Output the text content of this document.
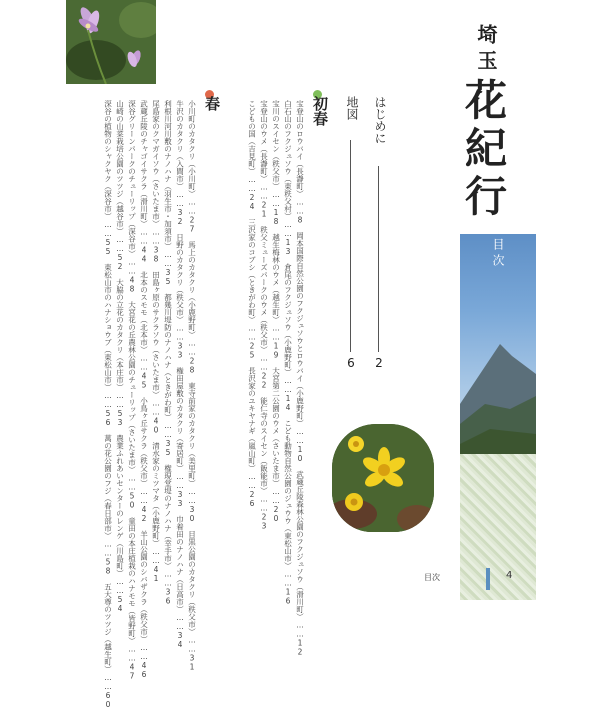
埼玉
花紀行
目次
はじめに
2
地図
6
初春
宝登山のロウバイ（長瀞町）……8　岡本国際自然公園のフクジュソウとロウバイ（小鹿野町）……10　武蔵丘陵森林公園のフクジュソウ（滑川町）……12
白石山のフクジュソウ（東秩父村）……13　倉尾のフクジュソウ（小鹿野町）……14　こども動物自然公園のジュウウ（東松山市）……16
宝川のスイセン（秩父市）……18　越生梅林のウメ（越生町）……19　大宮第二公園のウメ（さいたま市）……20
宝登山のウメ（長瀞町）……21　秩父ミューズパークのウメ（秩父市）……22　能仁寺のスイセン（飯能市）……23
こどもの国（吉見町）……24　三沢家のコブシ（ときがわ町）……25　長沢家のユキヤナギ（嵐山町）……26
春
小川町のカタクリ（小川町）……27　馬上のカタクリ（小鹿野町）……28　東寺前家のカタクリ（美里町）……30　目黒公園のカタクリ（秩父市）……31
牛沢のカタクリ（入間市）……32　日野のカタクリ（秩父市）……33　権田屋敷のカタクリ（寄居町）……33　巾着田のナノハナ（日高市）……34
利根川河川敷のナノハナ（羽生市・加須市）……35　都幾川堤防のナノハナ（ときがわ町）……35　権現堂堤のナノハナ（幸手市）……36
尾島家のクマガイソウ（さいたま市）……38　田島ヶ原のサクラソウ（さいたま市）……40　清水家のミツマタ（小鹿野町）……41
武蔵丘陵のチャゴイサクラ（滑川町）……44　北本のスモモ（北本市）……45　小鳥ヶ丘サクラ（秩父市）……42　羊山公園のシバザクラ（秩父市）……46
深谷グリーンパークのチューリップ（深谷市）……48　大宮花の丘農林公園のチューリップ（さいたま市）……50　童田の本庄植栽のハナモモ（皆野町）……47
山崎の山菜栽培公園のツツジ（越谷市）……52　大脇の立花のカタクリ（本庄市）……53　農業ふれあいセンターのレンゲ（川島町）……54
深谷の植物のシャクヤク（深谷市）……55　東松山市のハナショウブ（東松山市）……56　萬の花公園のフジ（春日部市）……58　五大尊のツツジ（越生町）……60	目次	4
